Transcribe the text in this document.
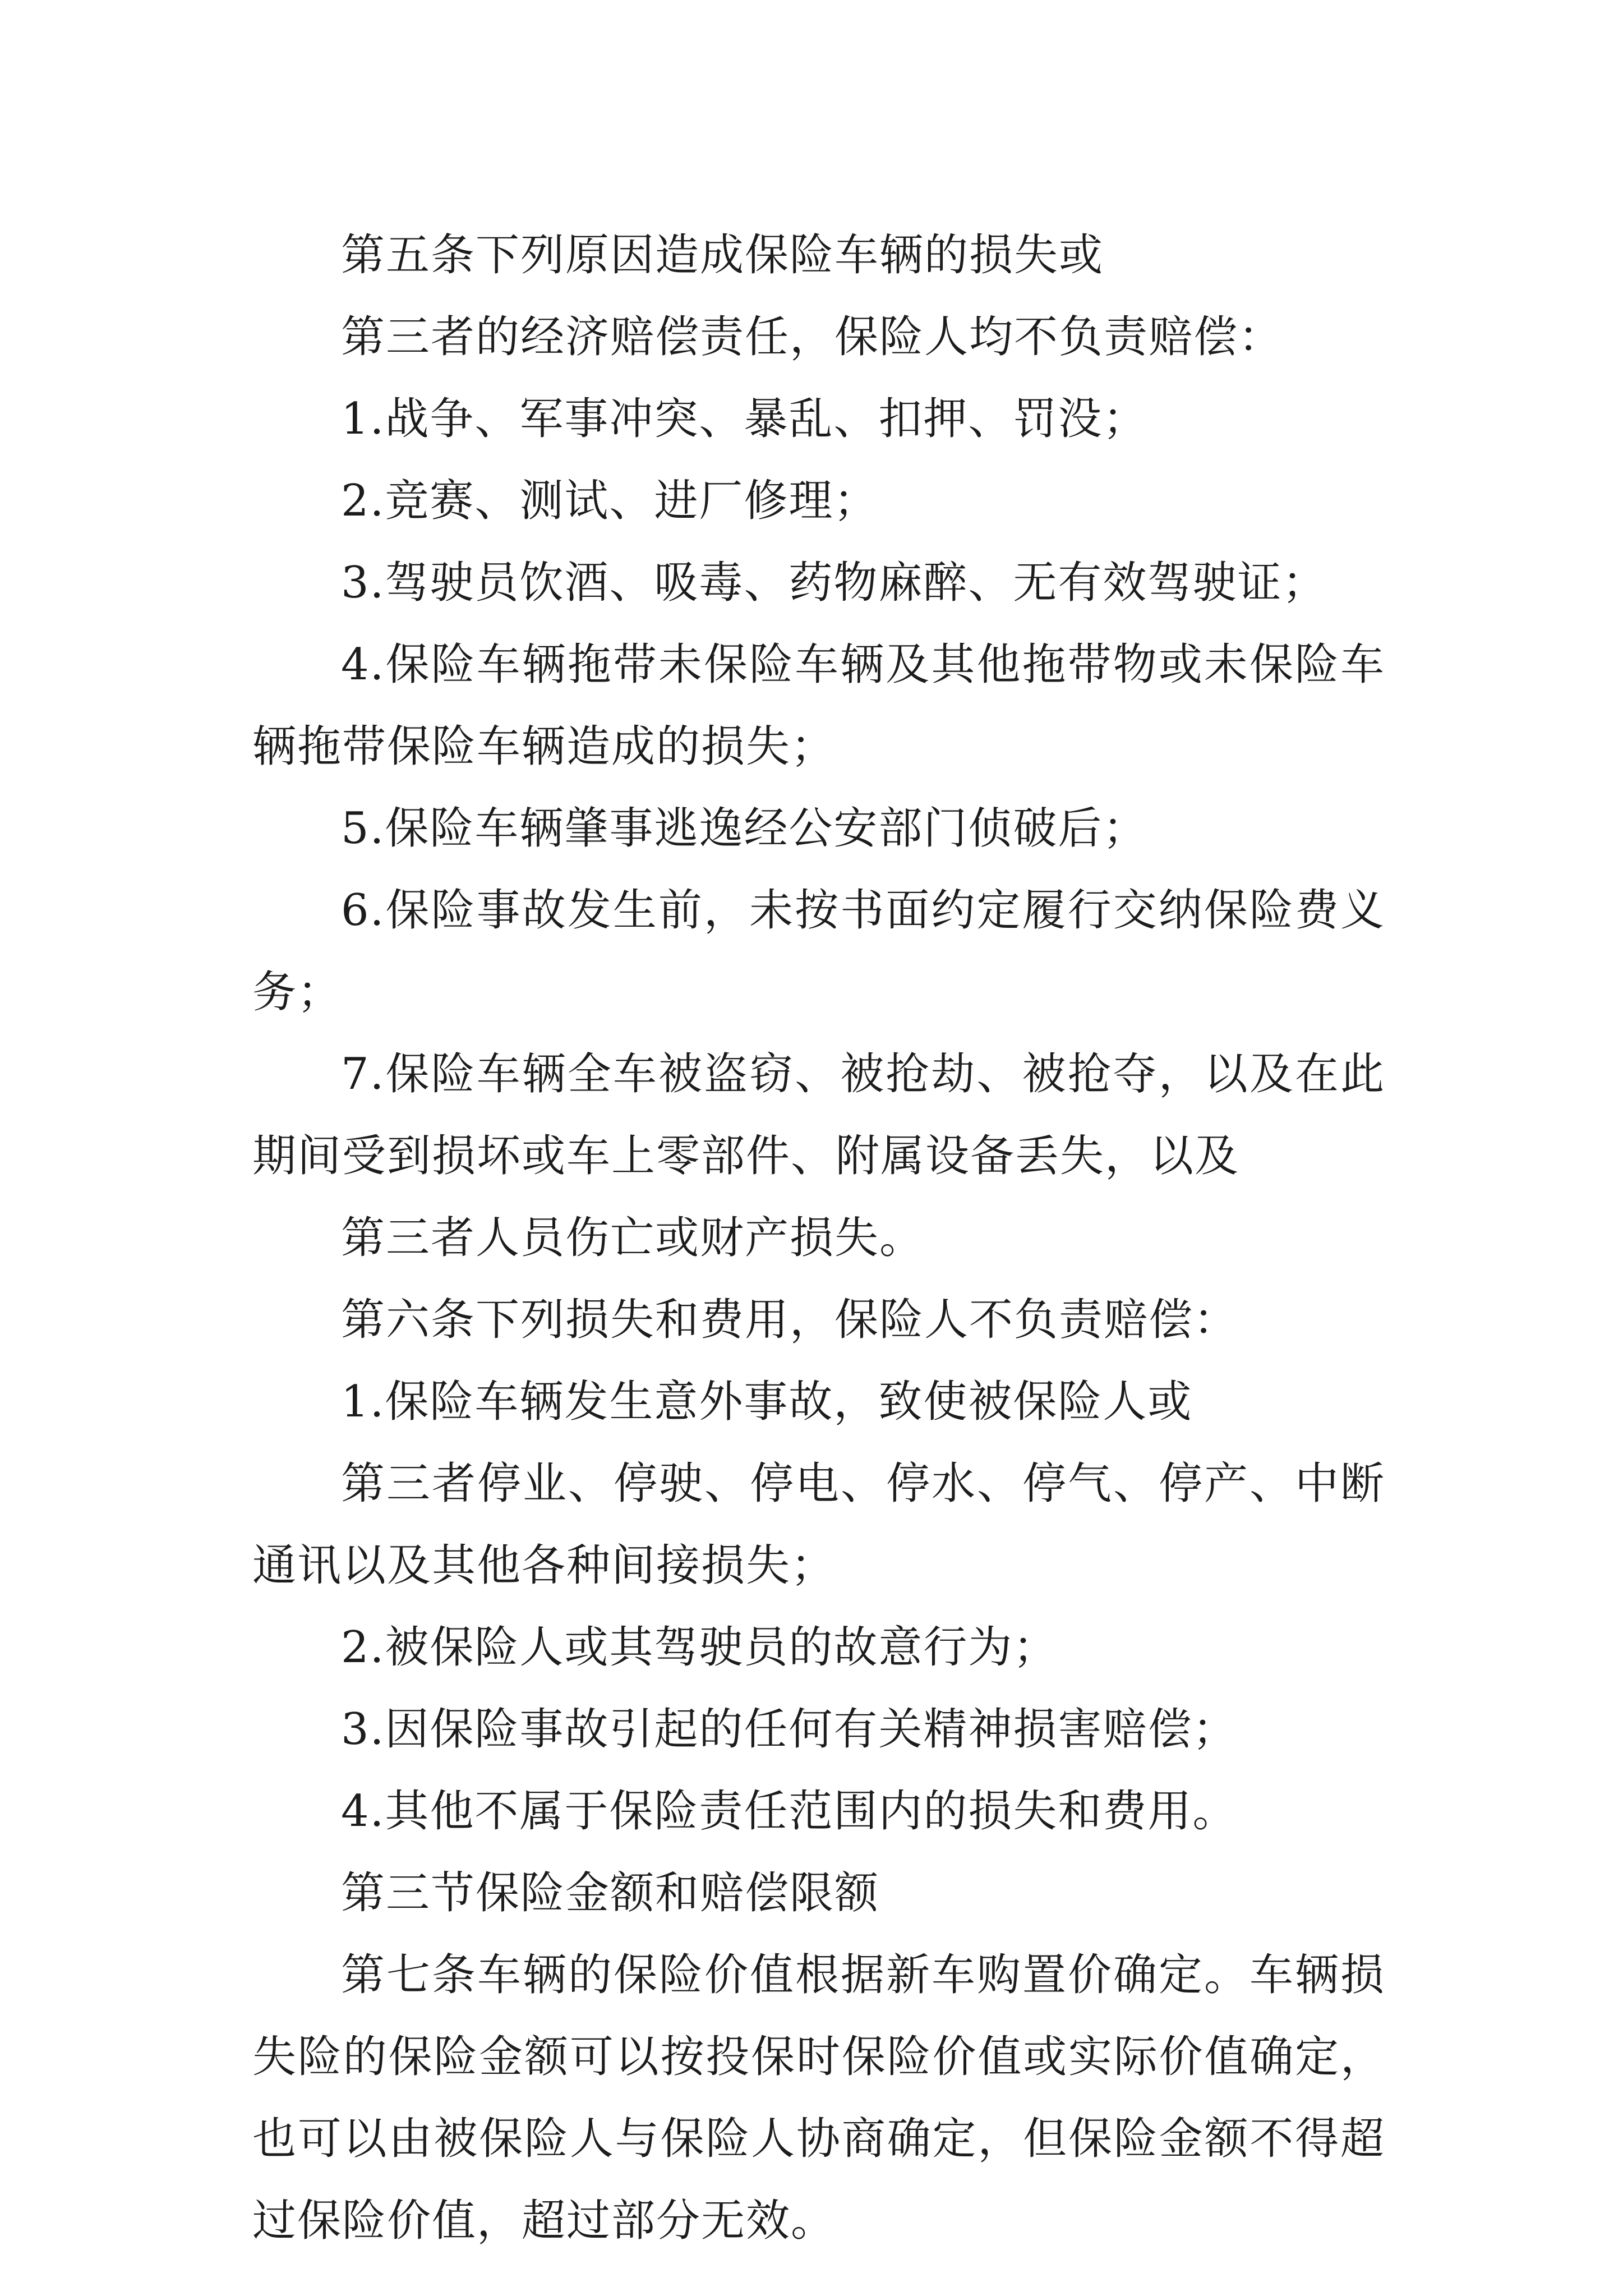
第五条下列原因造成保险车辆的损失或

第三者的经济赔偿责任，保险人均不负责赔偿：

1.战争、军事冲突、暴乱、扣押、罚没；

2.竞赛、测试、进厂修理；

3.驾驶员饮酒、吸毒、药物麻醉、无有效驾驶证；

4.保险车辆拖带未保险车辆及其他拖带物或未保险车辆拖带保险车辆造成的损失；

5.保险车辆肇事逃逸经公安部门侦破后；

6.保险事故发生前，未按书面约定履行交纳保险费义务；

7.保险车辆全车被盗窃、被抢劫、被抢夺，以及在此期间受到损坏或车上零部件、附属设备丢失，以及

第三者人员伤亡或财产损失。

第六条下列损失和费用，保险人不负责赔偿：

1.保险车辆发生意外事故，致使被保险人或

第三者停业、停驶、停电、停水、停气、停产、中断通讯以及其他各种间接损失；

2.被保险人或其驾驶员的故意行为；

3.因保险事故引起的任何有关精神损害赔偿；

4.其他不属于保险责任范围内的损失和费用。

第三节保险金额和赔偿限额

第七条车辆的保险价值根据新车购置价确定。车辆损失险的保险金额可以按投保时保险价值或实际价值确定，也可以由被保险人与保险人协商确定，但保险金额不得超过保险价值，超过部分无效。
